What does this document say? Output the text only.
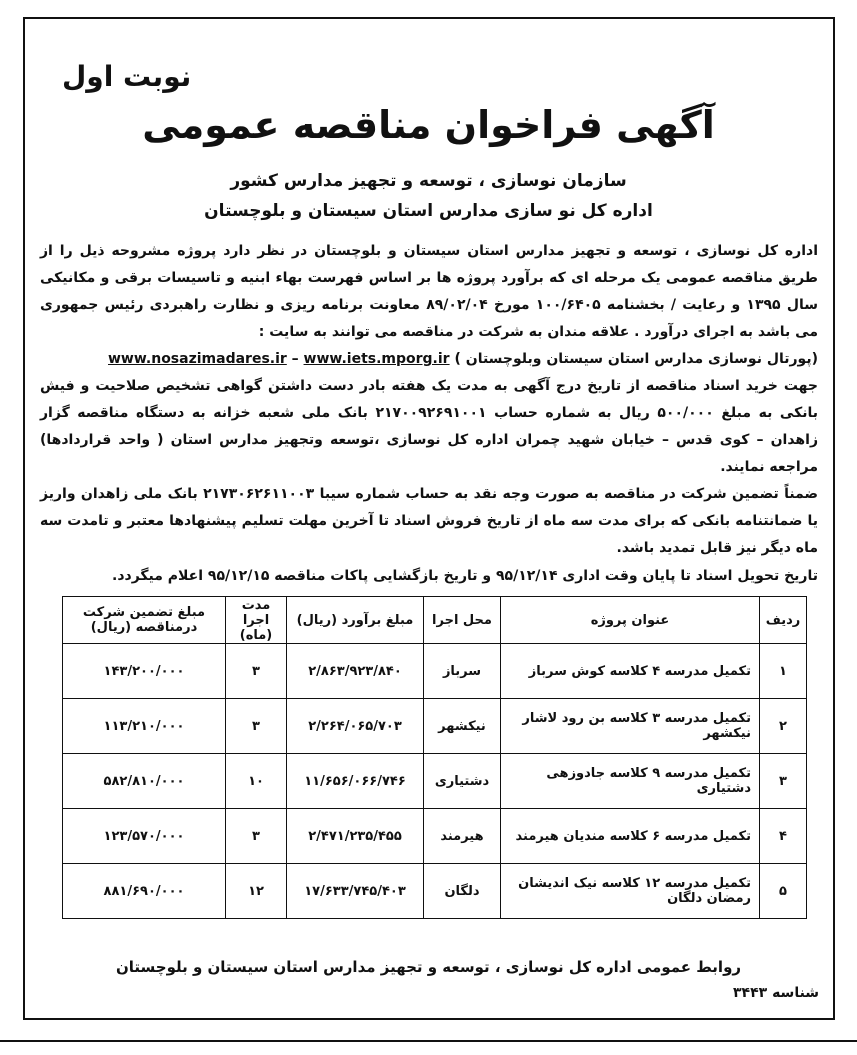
نوبت اول
آگهی فراخوان مناقصه عمومی
سازمان نوسازی ، توسعه و تجهیز مدارس کشور
اداره کل نو سازی مدارس استان سیستان و بلوچستان

اداره کل نوسازی ، توسعه و تجهیز مدارس استان سیستان و بلوچستان در نظر دارد پروژه مشروحه ذیل را از طریق مناقصه عمومی یک مرحله ای که برآورد پروژه ها بر اساس فهرست بهاء ابنیه و تاسیسات برقی و مکانیکی سال ۱۳۹۵ و رعایت / بخشنامه ۱۰۰/۶۴۰۵ مورخ ۸۹/۰۲/۰۴ معاونت برنامه ریزی و نظارت راهبردی رئیس جمهوری می باشد به اجرای درآورد . علاقه مندان به شرکت در مناقصه می توانند به سایت :

(پورتال نوسازی مدارس استان سیستان وبلوچستان ) www.nosazimadares.ir – www.iets.mporg.ir

جهت خرید اسناد مناقصه از تاریخ درج آگهی به مدت یک هفته بادر دست داشتن گواهی تشخیص صلاحیت و فیش بانکی به مبلغ ۵۰۰/۰۰۰ ریال به شماره حساب ۲۱۷۰۰۹۲۶۹۱۰۰۱ بانک ملی شعبه خزانه به دستگاه مناقصه گزار زاهدان – کوی قدس – خیابان شهید چمران اداره کل نوسازی ،توسعه وتجهیز مدارس استان ( واحد قراردادها) مراجعه نمایند.

ضمناً تضمین شرکت در مناقصه به صورت وجه نقد به حساب شماره سیبا ۲۱۷۳۰۶۲۶۱۱۰۰۳ بانک ملی زاهدان واریز یا ضمانتنامه بانکی که برای مدت سه ماه از تاریخ فروش اسناد تا آخرین مهلت تسلیم پیشنهادها معتبر و تامدت سه ماه دیگر نیز قابل تمدید باشد.

تاریخ تحویل اسناد تا پایان وقت اداری ۹۵/۱۲/۱۴ و تاریخ بازگشایی پاکات مناقصه ۹۵/۱۲/۱۵ اعلام میگردد.

ردیف	عنوان پروژه	محل اجرا	مبلغ برآورد (ریال)	مدت اجرا (ماه)	مبلغ تضمین شرکت درمناقصه (ریال)
۱	تکمیل مدرسه ۴ کلاسه کوش سرباز	سرباز	۲/۸۶۳/۹۲۳/۸۴۰	۳	۱۴۳/۲۰۰/۰۰۰
۲	تکمیل مدرسه ۳ کلاسه بن رود لاشار نیکشهر	نیکشهر	۲/۲۶۴/۰۶۵/۷۰۳	۳	۱۱۳/۲۱۰/۰۰۰
۳	تکمیل مدرسه ۹ کلاسه جادوزهی دشتیاری	دشتیاری	۱۱/۶۵۶/۰۶۶/۷۴۶	۱۰	۵۸۲/۸۱۰/۰۰۰
۴	تکمیل مدرسه ۶ کلاسه مندیان هیرمند	هیرمند	۲/۴۷۱/۲۳۵/۴۵۵	۳	۱۲۳/۵۷۰/۰۰۰
۵	تکمیل مدرسه ۱۲ کلاسه نیک اندیشان رمضان دلگان	دلگان	۱۷/۶۳۳/۷۴۵/۴۰۳	۱۲	۸۸۱/۶۹۰/۰۰۰
روابط عمومی اداره کل نوسازی ، توسعه و تجهیز مدارس استان سیستان و بلوچستان
شناسه ۳۴۴۳
